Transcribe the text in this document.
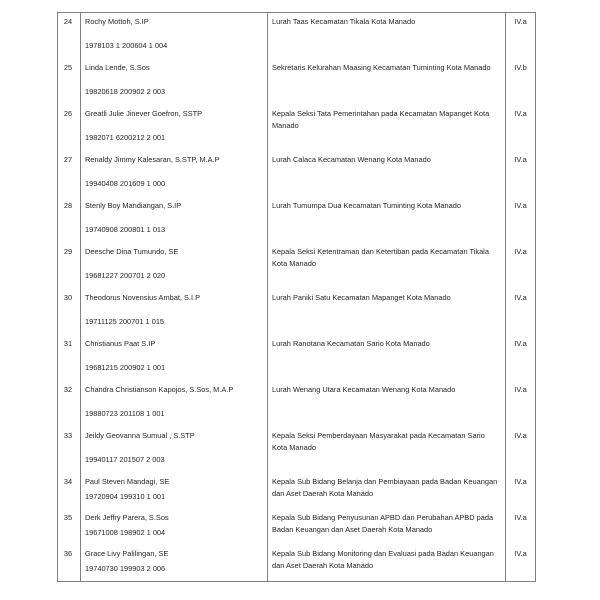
24	Rochy Mottoh, S.IP
1978103 1 200604 1 004
Lurah Taas Kecamatan Tikala Kota Manado	IV.a
25	Linda Lende, S.Sos
19820618 200902 2 003
Sekretaris Kelurahan Maasing Kecamatan Tuminting Kota Manado	IV.b
26	Greatli Julie Jinever Goefron, SSTP
1982071 6200212 2 001
Kepala Seksi Tata Pemerintahan pada Kecamatan Mapanget Kota Manado
IV.a
27	Renaldy Jimmy Kalesaran, S.STP, M.A.P
19940408 201609 1 000
Lurah Calaca Kecamatan Wenang Kota Manado	IV.a
28	Stenly Boy Mandiangan, S.IP
19740908 200801 1 013
Lurah Tumumpa Dua Kecamatan Tuminting Kota Manado	IV.a
29	Deesche Dina Tumundo, SE
19681227 200701 2 020
Kepala Seksi Ketentraman dan Ketertiban pada Kecamatan Tikala Kota Manado
IV.a
30	Theodorus Novensius Ambat, S.I.P
19711125 200701 1 015
Lurah Paniki Satu Kecamatan Mapanget Kota Manado	IV.a
31	Christianus Paat S.IP
19681215 200902 1 001
Lurah Ranotana Kecamatan Sario Kota Manado	IV.a
32	Chandra Christianson Kapojos, S.Sos, M.A.P
19880723 201108 1 001
Lurah Wenang Utara Kecamatan Wenang Kota Manado	IV.a
33	Jeildy Geovanna Sumual , S.STP
19940117 201507 2 003
Kepala Seksi Pemberdayaan Masyarakat pada Kecamatan Sario Kota Manado
IV.a
34	Paul Steven Mandagi, SE
19720904 199310 1 001
Kepala Sub Bidang Belanja dan Pembiayaan pada Badan Keuangan dan Aset Daerah Kota Manado
IV.a
35	Derk Jeffry Parera, S.Sos
19671008 198902 1 004
Kepala Sub Bidang Penyusunan APBD dan Perubahan APBD pada Badan Keuangan dan Aset Daerah Kota Manado
IV.a
36	Grace Livy Palilingan, SE
19740730 199903 2 006
Kepala Sub Bidang Monitoring dan Evaluasi pada Badan Keuangan dan Aset Daerah Kota Manado
IV.a
